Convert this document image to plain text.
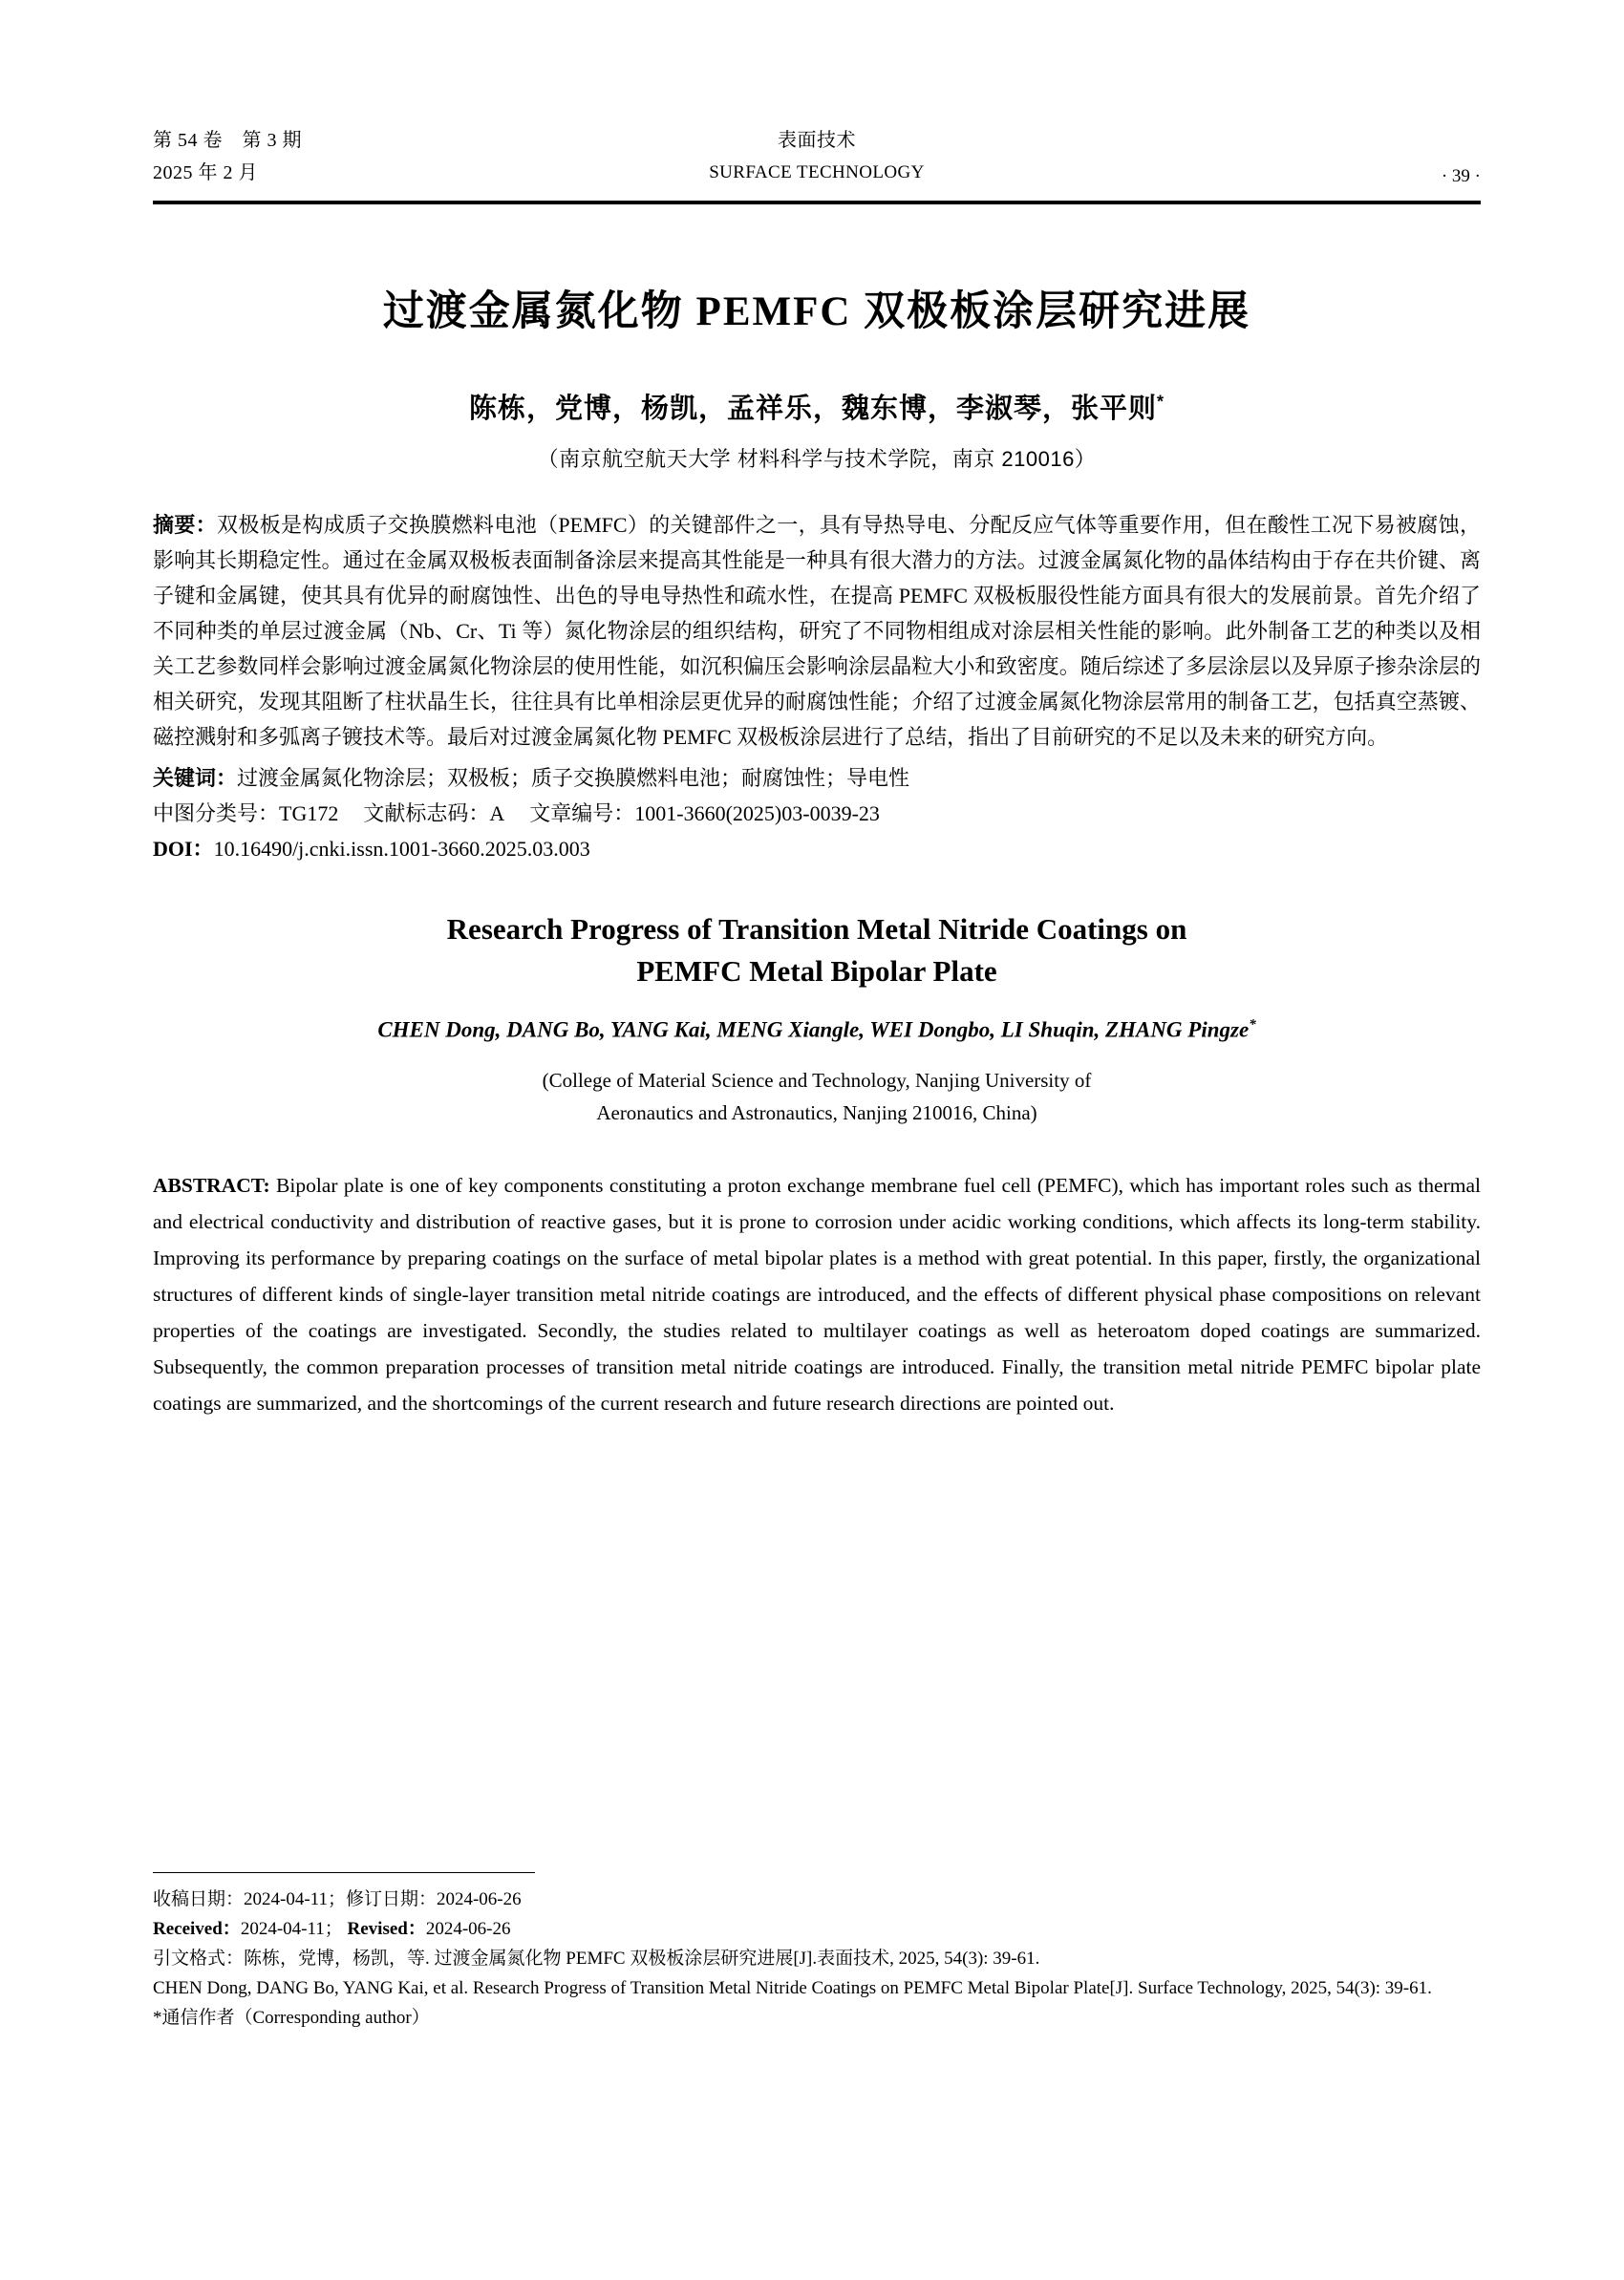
第 54 卷　第 3 期
2025 年 2 月
表面技术
SURFACE TECHNOLOGY	· 39 ·
过渡金属氮化物 PEMFC 双极板涂层研究进展
陈栋，党博，杨凯，孟祥乐，魏东博，李淑琴，张平则*
（南京航空航天大学 材料科学与技术学院，南京 210016）

摘要：双极板是构成质子交换膜燃料电池（PEMFC）的关键部件之一，具有导热导电、分配反应气体等重要作用，但在酸性工况下易被腐蚀，影响其长期稳定性。通过在金属双极板表面制备涂层来提高其性能是一种具有很大潜力的方法。过渡金属氮化物的晶体结构由于存在共价键、离子键和金属键，使其具有优异的耐腐蚀性、出色的导电导热性和疏水性，在提高 PEMFC 双极板服役性能方面具有很大的发展前景。首先介绍了不同种类的单层过渡金属（Nb、Cr、Ti 等）氮化物涂层的组织结构，研究了不同物相组成对涂层相关性能的影响。此外制备工艺的种类以及相关工艺参数同样会影响过渡金属氮化物涂层的使用性能，如沉积偏压会影响涂层晶粒大小和致密度。随后综述了多层涂层以及异原子掺杂涂层的相关研究，发现其阻断了柱状晶生长，往往具有比单相涂层更优异的耐腐蚀性能；介绍了过渡金属氮化物涂层常用的制备工艺，包括真空蒸镀、磁控溅射和多弧离子镀技术等。最后对过渡金属氮化物 PEMFC 双极板涂层进行了总结，指出了目前研究的不足以及未来的研究方向。

关键词：过渡金属氮化物涂层；双极板；质子交换膜燃料电池；耐腐蚀性；导电性
中图分类号：TG172 文献标志码：A 文章编号：1001-3660(2025)03-0039-23
DOI：10.16490/j.cnki.issn.1001-3660.2025.03.003
Research Progress of Transition Metal Nitride Coatings on
PEMFC Metal Bipolar Plate
CHEN Dong, DANG Bo, YANG Kai, MENG Xiangle, WEI Dongbo, LI Shuqin, ZHANG Pingze*
(College of Material Science and Technology, Nanjing University of
Aeronautics and Astronautics, Nanjing 210016, China)
ABSTRACT: Bipolar plate is one of key components constituting a proton exchange membrane fuel cell (PEMFC), which has important roles such as thermal and electrical conductivity and distribution of reactive gases, but it is prone to corrosion under acidic working conditions, which affects its long-term stability. Improving its performance by preparing coatings on the surface of metal bipolar plates is a method with great potential. In this paper, firstly, the organizational structures of different kinds of single-layer transition metal nitride coatings are introduced, and the effects of different physical phase compositions on relevant properties of the coatings are investigated. Secondly, the studies related to multilayer coatings as well as heteroatom doped coatings are summarized. Subsequently, the common preparation processes of transition metal nitride coatings are introduced. Finally, the transition metal nitride PEMFC bipolar plate coatings are summarized, and the shortcomings of the current research and future research directions are pointed out.
收稿日期：2024-04-11；修订日期：2024-06-26
Received：2024-04-11； Revised：2024-06-26
引文格式：陈栋，党博，杨凯，等. 过渡金属氮化物 PEMFC 双极板涂层研究进展[J].表面技术, 2025, 54(3): 39-61.
CHEN Dong, DANG Bo, YANG Kai, et al. Research Progress of Transition Metal Nitride Coatings on PEMFC Metal Bipolar Plate[J]. Surface Technology, 2025, 54(3): 39-61.
*通信作者（Corresponding author）
